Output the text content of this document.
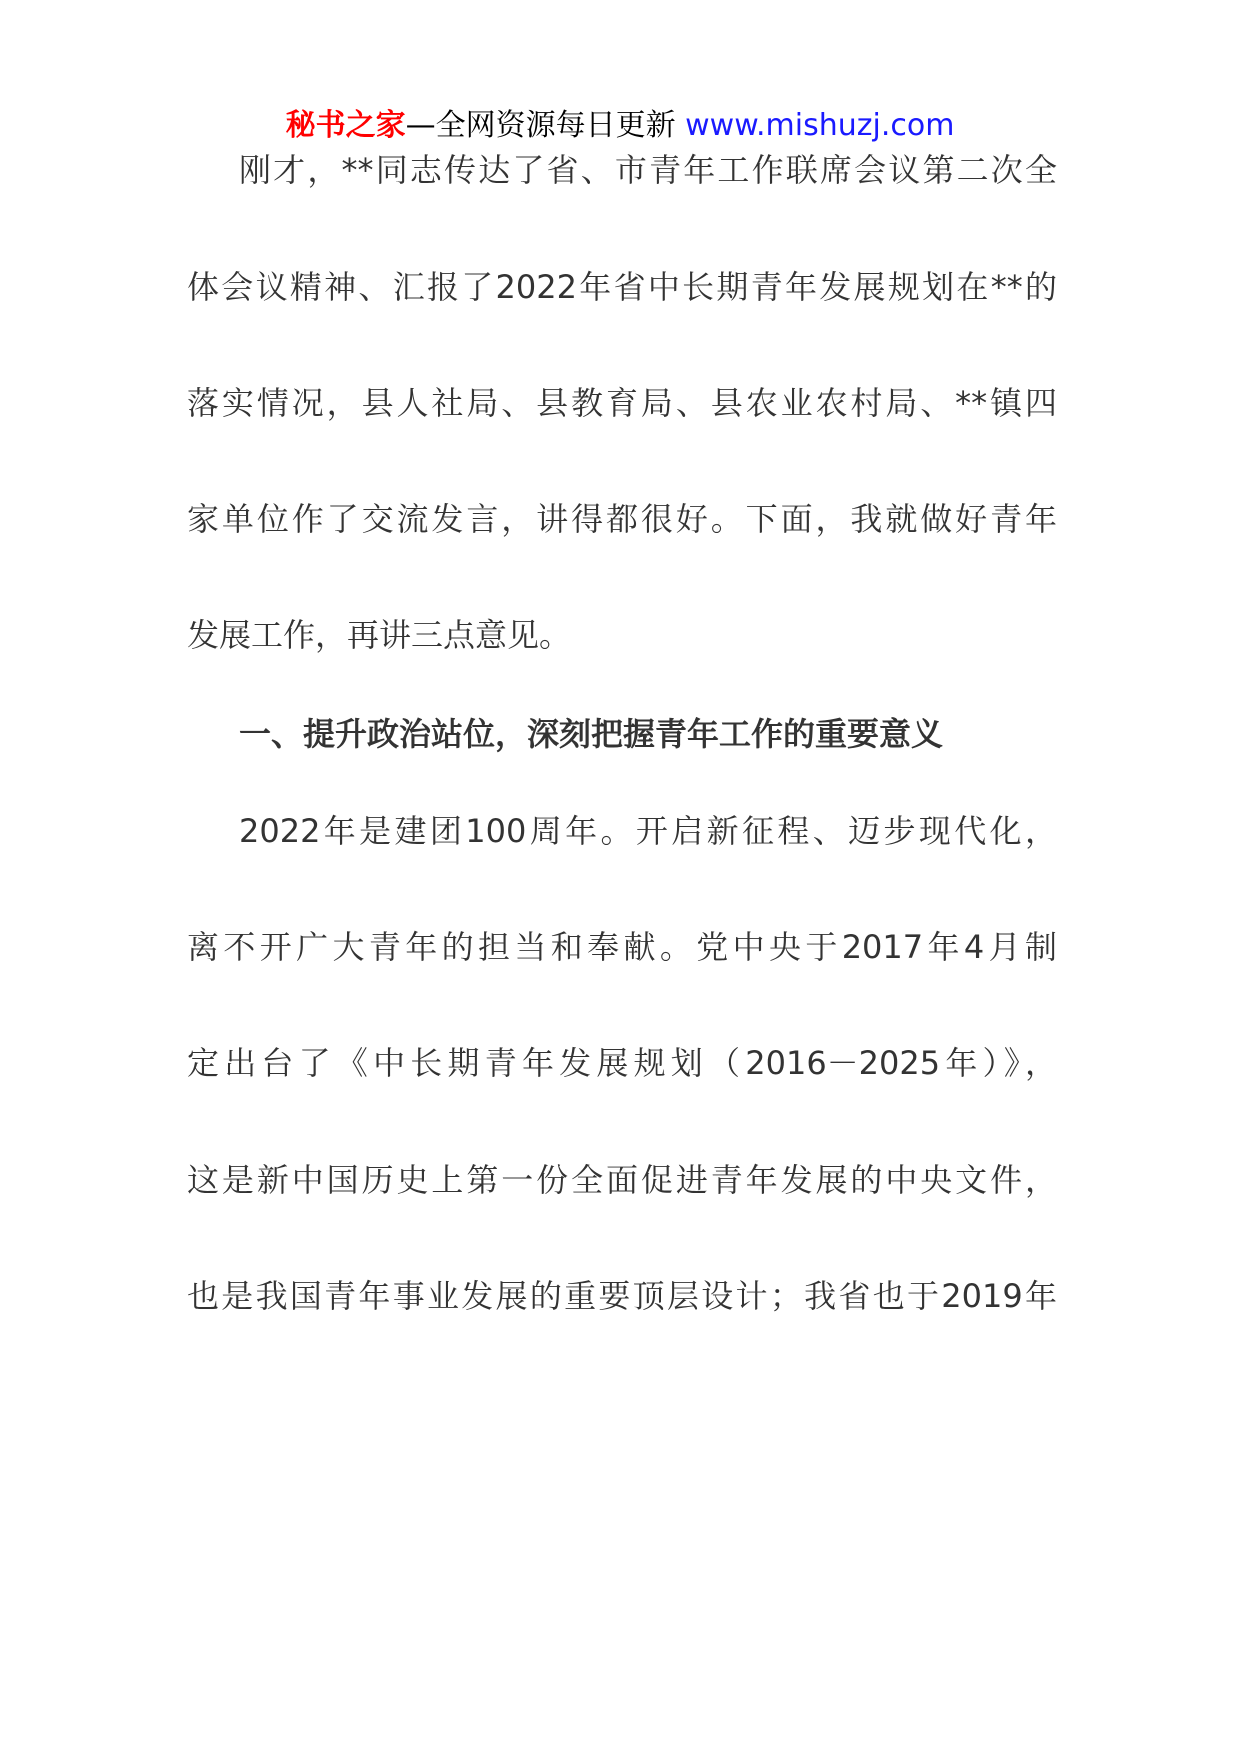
秘书之家—全网资源每日更新 www.mishuzj.com
刚才，**同志传达了省、市青年工作联席会议第二次全
体会议精神、汇报了2022年省中长期青年发展规划在**的
落实情况，县人社局、县教育局、县农业农村局、**镇四
家单位作了交流发言，讲得都很好。下面，我就做好青年
发展工作，再讲三点意见。
一、提升政治站位，深刻把握青年工作的重要意义
2022年是建团100周年。开启新征程、迈步现代化，
离不开广大青年的担当和奉献。党中央于2017年4月制
定出台了《中长期青年发展规划（2016－2025年）》，
这是新中国历史上第一份全面促进青年发展的中央文件，
也是我国青年事业发展的重要顶层设计；我省也于2019年
